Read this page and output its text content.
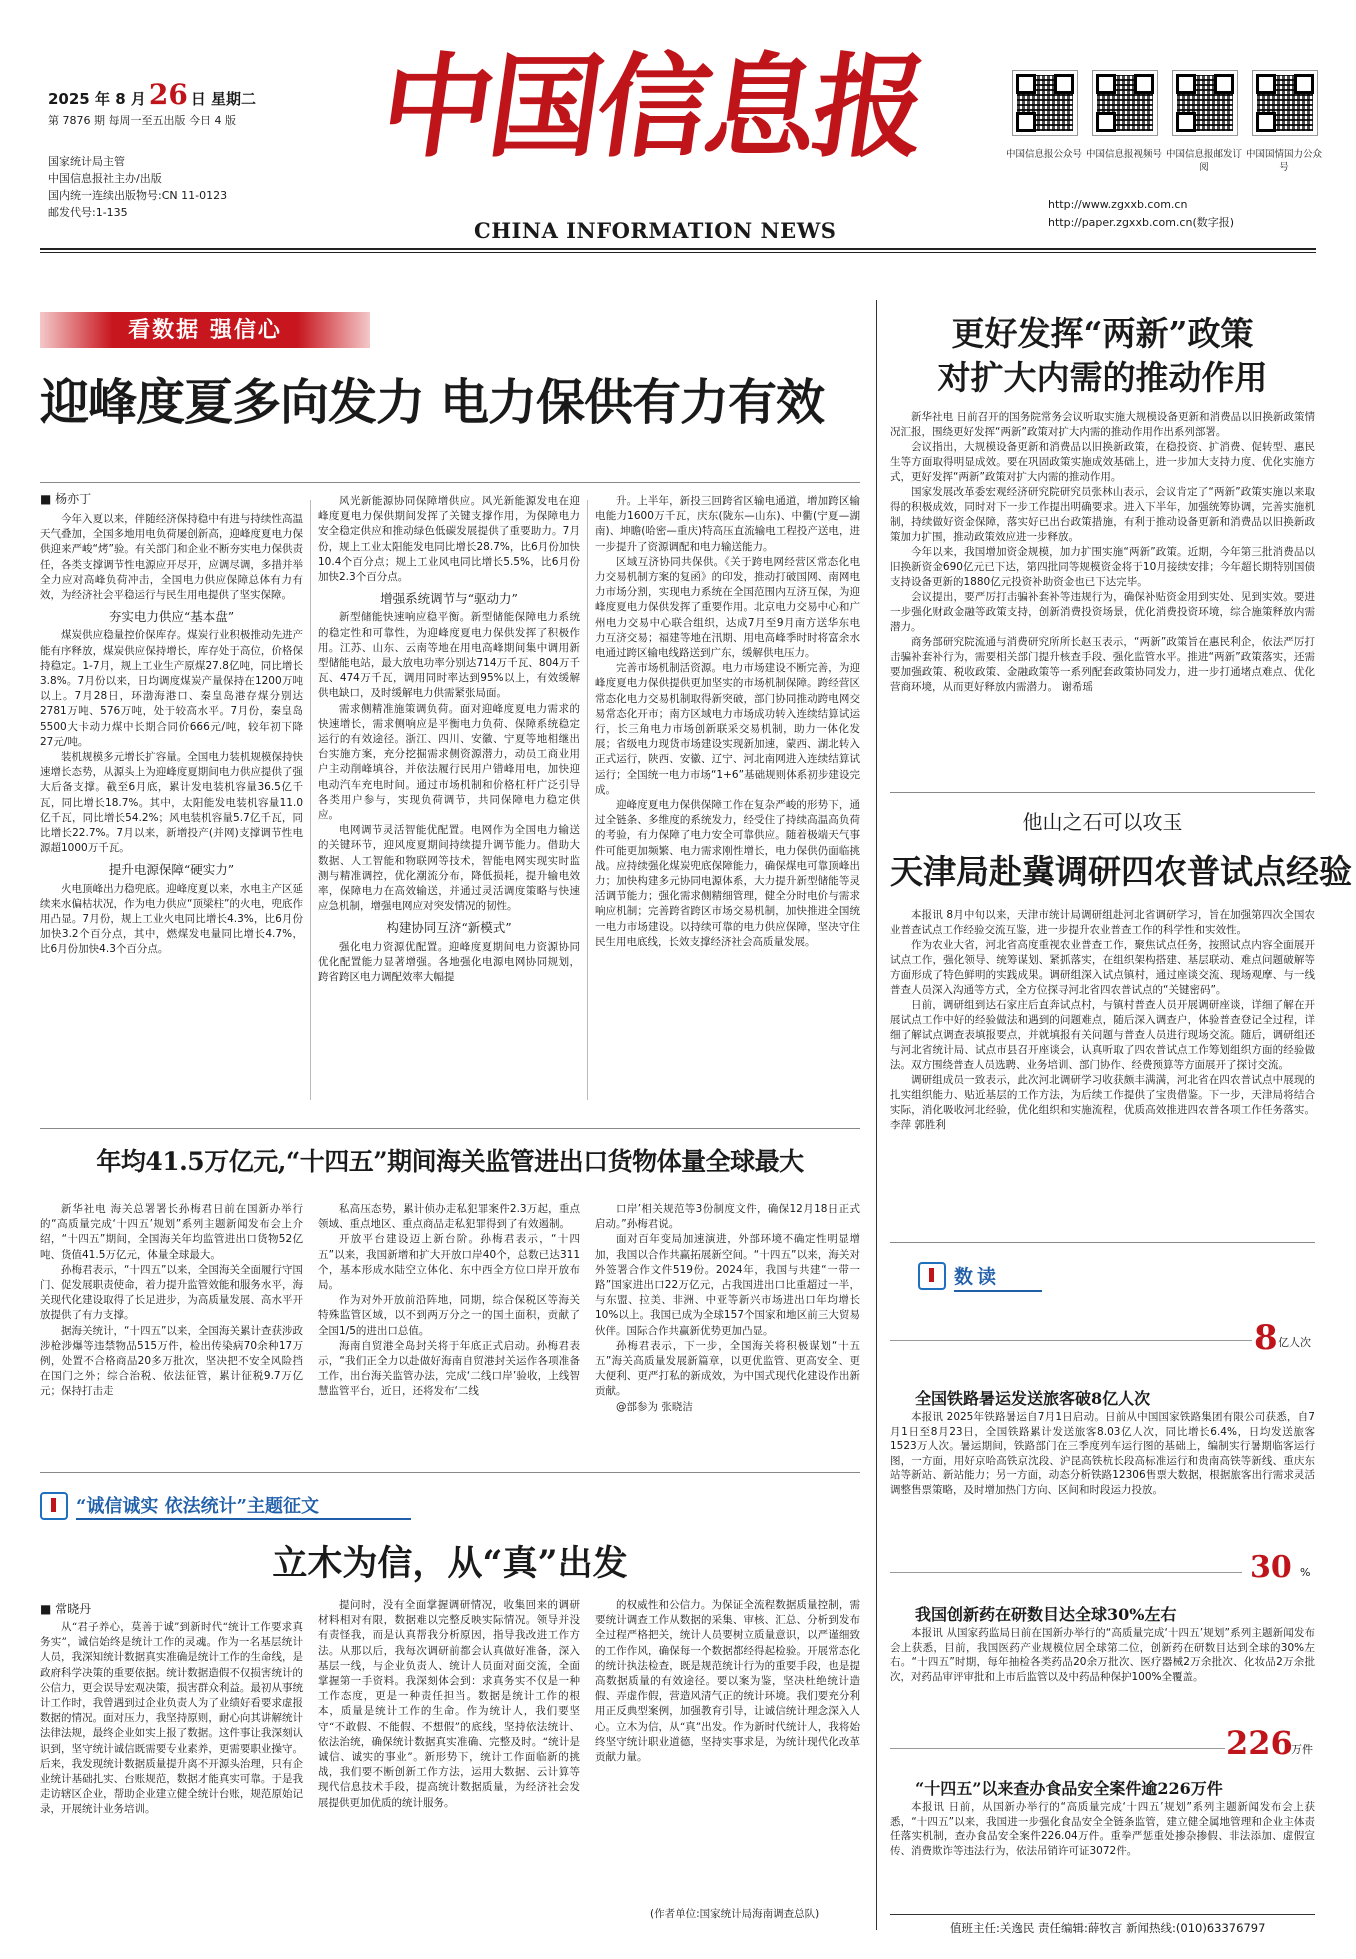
2025 年 8 月 26 日 星期二
第 7876 期 每周一至五出版 今日 4 版
国家统计局主管
中国信息报社主办/出版
国内统一连续出版物号:CN 11-0123
邮发代号:1-135
中国信息报
CHINA INFORMATION NEWS
中国信息报公众号 中国信息报视频号 中国信息报邮发订阅
中国国情国力公众号
http://www.zgxxb.com.cn
http://paper.zgxxb.com.cn(数字报)
看数据 强信心
迎峰度夏多向发力 电力保供有力有效
■ 杨亦丁

今年入夏以来，伴随经济保持稳中有进与持续性高温天气叠加，全国多地用电负荷屡创新高，迎峰度夏电力保供迎来严峻“烤”验。有关部门和企业不断夯实电力保供责任，各类支撑调节性电源应开尽开，应调尽调，多措并举全力应对高峰负荷冲击，全国电力供应保障总体有力有效，为经济社会平稳运行与民生用电提供了坚实保障。

夯实电力供应“基本盘”

煤炭供应稳量控价保库存。煤炭行业积极推动先进产能有序释放，煤炭供应保持增长，库存处于高位，价格保持稳定。1-7月，规上工业生产原煤27.8亿吨，同比增长3.8%。7月份以来，日均调度煤炭产量保持在1200万吨以上。7月28日，环渤海港口、秦皇岛港存煤分别达2781万吨、576万吨，处于较高水平。7月份，秦皇岛5500大卡动力煤中长期合同价666元/吨，较年初下降27元/吨。

装机规模多元增长扩容量。全国电力装机规模保持快速增长态势，从源头上为迎峰度夏期间电力供应提供了强大后备支撑。截至6月底，累计发电装机容量36.5亿千瓦，同比增长18.7%。其中，太阳能发电装机容量11.0亿千瓦，同比增长54.2%；风电装机容量5.7亿千瓦，同比增长22.7%。7月以来，新增投产(并网)支撑调节性电源超1000万千瓦。

提升电源保障“硬实力”

火电顶峰出力稳兜底。迎峰度夏以来，水电主产区延续来水偏枯状况，作为电力供应“顶梁柱”的火电，兜底作用凸显。7月份，规上工业火电同比增长4.3%，比6月份加快3.2个百分点，其中，燃煤发电量同比增长4.7%，比6月份加快4.3个百分点。

风光新能源协同保障增供应。风光新能源发电在迎峰度夏电力保供期间发挥了关键支撑作用，为保障电力安全稳定供应和推动绿色低碳发展提供了重要助力。7月份，规上工业太阳能发电同比增长28.7%，比6月份加快10.4个百分点；规上工业风电同比增长5.5%，比6月份加快2.3个百分点。

增强系统调节与“驱动力”

新型储能快速响应稳平衡。新型储能保障电力系统的稳定性和可靠性，为迎峰度夏电力保供发挥了积极作用。江苏、山东、云南等地在用电高峰期间集中调用新型储能电站，最大放电功率分别达714万千瓦、804万千瓦、474万千瓦，调用同时率达到95%以上，有效缓解供电缺口，及时缓解电力供需紧张局面。

需求侧精准施策调负荷。面对迎峰度夏电力需求的快速增长，需求侧响应是平衡电力负荷、保障系统稳定运行的有效途径。浙江、四川、安徽、宁夏等地相继出台实施方案，充分挖掘需求侧资源潜力，动员工商业用户主动削峰填谷，并依法履行民用户错峰用电，加快迎电动汽车充电时间。通过市场机制和价格杠杆广泛引导各类用户参与，实现负荷调节，共同保障电力稳定供应。

电网调节灵活智能优配置。电网作为全国电力输送的关键环节，迎风度夏期间持续提升调节能力。借助大数据、人工智能和物联网等技术，智能电网实现实时监测与精准调控，优化潮流分布，降低损耗，提升输电效率，保障电力在高效输送，并通过灵活调度策略与快速应急机制，增强电网应对突发情况的韧性。

构建协同互济“新模式”

强化电力资源优配置。迎峰度夏期间电力资源协同优化配置能力显著增强。各地强化电源电网协同规划，跨省跨区电力调配效率大幅提

升。上半年，新投三回跨省区输电通道，增加跨区输电能力1600万千瓦，庆东(陇东—山东)、中衢(宁夏—湖南)、坤瞻(哈密—重庆)特高压直流输电工程投产送电，进一步提升了资源调配和电力输送能力。

区域互济协同共保供。《关于跨电网经营区常态化电力交易机制方案的复函》的印发，推动打破国网、南网电力市场分割，实现电力系统在全国范围内互济互保，为迎峰度夏电力保供发挥了重要作用。北京电力交易中心和广州电力交易中心联合组织，达成7月至9月南方送华东电力互济交易；福建等地在汛期、用电高峰季时时将富余水电通过跨区输电线路送到广东，缓解供电压力。

完善市场机制活资源。电力市场建设不断完善，为迎峰度夏电力保供提供更加坚实的市场机制保障。跨经营区常态化电力交易机制取得新突破，部门协同推动跨电网交易常态化开市；南方区域电力市场成功转入连续结算试运行，长三角电力市场创新联采交易机制，助力一体化发展；省级电力现货市场建设实现新加速，蒙西、湖北转入正式运行，陕西、安徽、辽宁、河北南网进入连续结算试运行；全国统一电力市场“1+6”基础规则体系初步建设完成。

迎峰度夏电力保供保障工作在复杂严峻的形势下，通过全链条、多维度的系统发力，经受住了持续高温高负荷的考验，有力保障了电力安全可靠供应。随着极端天气事件可能更加频繁、电力需求刚性增长，电力保供仍面临挑战。应持续强化煤炭兜底保障能力，确保煤电可靠顶峰出力；加快构建多元协同电源体系，大力提升新型储能等灵活调节能力；强化需求侧精细管理，健全分时电价与需求响应机制；完善跨省跨区市场交易机制，加快推进全国统一电力市场建设。以持续可靠的电力供应保障，坚决守住民生用电底线，长效支撑经济社会高质量发展。

年均41.5万亿元,“十四五”期间海关监管进出口货物体量全球最大

新华社电 海关总署署长孙梅君日前在国新办举行的“高质量完成‘十四五’规划”系列主题新闻发布会上介绍，“十四五”期间，全国海关年均监管进出口货物52亿吨、货值41.5万亿元，体量全球最大。

孙梅君表示，“十四五”以来，全国海关全面履行守国门、促发展职责使命，着力提升监管效能和服务水平，海关现代化建设取得了长足进步，为高质量发展、高水平开放提供了有力支撑。

据海关统计，“十四五”以来，全国海关累计查获涉政涉枪涉爆等违禁物品515万件，检出传染病70余种17万例，处置不合格商品20多万批次，坚决把不安全风险挡在国门之外；综合治税、依法征管，累计征税9.7万亿元；保持打击走

私高压态势，累计侦办走私犯罪案件2.3万起，重点领域、重点地区、重点商品走私犯罪得到了有效遏制。

开放平台建设迈上新台阶。孙梅君表示，“十四五”以来，我国新增和扩大开放口岸40个，总数已达311个，基本形成水陆空立体化、东中西全方位口岸开放布局。

作为对外开放前沿阵地，同期，综合保税区等海关特殊监管区域，以不到两万分之一的国土面积，贡献了全国1/5的进出口总值。

海南自贸港全岛封关将于年底正式启动。孙梅君表示，“我们正全力以赴做好海南自贸港封关运作各项准备工作，出台海关监管办法，完成‘二线口岸’验收，上线智慧监管平台，近日，还将发布‘二线

口岸’相关规范等3份制度文件，确保12月18日正式启动。”孙梅君说。

面对百年变局加速演进，外部环境不确定性明显增加，我国以合作共赢拓展新空间。“十四五”以来，海关对外签署合作文件519份。2024年，我国与共建“一带一路”国家进出口22万亿元，占我国进出口比重超过一半，与东盟、拉美、非洲、中亚等新兴市场进出口年均增长10%以上。我国已成为全球157个国家和地区前三大贸易伙伴。国际合作共赢新优势更加凸显。

孙梅君表示，下一步，全国海关将积极谋划“十五五”海关高质量发展新篇章，以更优监管、更高安全、更大便利、更严打私的新成效，为中国式现代化建设作出新贡献。

@部参为 张晓洁

“诚信诚实 依法统计”主题征文
立木为信，从“真”出发
■ 常晓丹

从“君子养心，莫善于诚”到新时代“统计工作要求真务实”，诚信始终是统计工作的灵魂。作为一名基层统计人员，我深知统计数据真实准确是统计工作的生命线，是政府科学决策的重要依据。统计数据造假不仅损害统计的公信力，更会误导宏观决策，损害群众利益。最初从事统计工作时，我曾遇到过企业负责人为了业绩好看要求虚报数据的情况。面对压力，我坚持原则，耐心向其讲解统计法律法规，最终企业如实上报了数据。这件事让我深刻认识到，坚守统计诚信既需要专业素养，更需要职业操守。后来，我发现统计数据质量提升离不开源头治理，只有企业统计基础扎实、台账规范，数据才能真实可靠。于是我走访辖区企业，帮助企业建立健全统计台账，规范原始记录，开展统计业务培训。

提问时，没有全面掌握调研情况，收集回来的调研材料相对有限，数据难以完整反映实际情况。领导并没有责怪我，而是认真帮我分析原因，指导我改进工作方法。从那以后，我每次调研前都会认真做好准备，深入基层一线，与企业负责人、统计人员面对面交流，全面掌握第一手资料。我深刻体会到：求真务实不仅是一种工作态度，更是一种责任担当。数据是统计工作的根本，质量是统计工作的生命。作为统计人，我们要坚守“不敢假、不能假、不想假”的底线，坚持依法统计、依法治统，确保统计数据真实准确、完整及时。“统计是诚信、诚实的事业”。新形势下，统计工作面临新的挑战，我们要不断创新工作方法，运用大数据、云计算等现代信息技术手段，提高统计数据质量，为经济社会发展提供更加优质的统计服务。

的权威性和公信力。为保证全流程数据质量控制，需要统计调查工作从数据的采集、审核、汇总、分析到发布全过程严格把关，统计人员要树立质量意识，以严谨细致的工作作风，确保每一个数据都经得起检验。开展常态化的统计执法检查，既是规范统计行为的重要手段，也是提高数据质量的有效途径。要以案为鉴，坚决杜绝统计造假、弄虚作假，营造风清气正的统计环境。我们要充分利用正反典型案例，加强教育引导，让诚信统计理念深入人心。立木为信，从“真”出发。作为新时代统计人，我将始终坚守统计职业道德，坚持实事求是，为统计现代化改革贡献力量。

(作者单位:国家统计局海南调查总队)
更好发挥“两新”政策
对扩大内需的推动作用

新华社电 日前召开的国务院常务会议听取实施大规模设备更新和消费品以旧换新政策情况汇报，围绕更好发挥“两新”政策对扩大内需的推动作用作出系列部署。

会议指出，大规模设备更新和消费品以旧换新政策，在稳投资、扩消费、促转型、惠民生等方面取得明显成效。要在巩固政策实施成效基础上，进一步加大支持力度、优化实施方式，更好发挥“两新”政策对扩大内需的推动作用。

国家发展改革委宏观经济研究院研究员张林山表示，会议肯定了“两新”政策实施以来取得的积极成效，同时对下一步工作提出明确要求。进入下半年，加强统筹协调，完善实施机制，持续做好资金保障，落实好已出台政策措施，有利于推动设备更新和消费品以旧换新政策加力扩围，推动政策效应进一步释放。

今年以来，我国增加资金规模，加力扩围实施“两新”政策。近期，今年第三批消费品以旧换新资金690亿元已下达，第四批同等规模资金将于10月接续安排；今年超长期特别国债支持设备更新的1880亿元投资补助资金也已下达完毕。

会议提出，要严厉打击骗补套补等违规行为，确保补贴资金用到实处、见到实效。要进一步强化财政金融等政策支持，创新消费投资场景，优化消费投资环境，综合施策释放内需潜力。

商务部研究院流通与消费研究所所长赵玉表示，“两新”政策旨在惠民利企，依法严厉打击骗补套补行为，需要相关部门提升核查手段、强化监管水平。推进“两新”政策落实，还需要加强政策、税收政策、金融政策等一系列配套政策协同发力，进一步打通堵点难点、优化营商环境，从而更好释放内需潜力。 谢希瑶

他山之石可以攻玉
天津局赴冀调研四农普试点经验

本报讯 8月中旬以来，天津市统计局调研组赴河北省调研学习，旨在加强第四次全国农业普查试点工作经验交流互鉴，进一步提升农业普查工作的科学性和实效性。

作为农业大省，河北省高度重视农业普查工作，聚焦试点任务，按照试点内容全面展开试点工作，强化领导、统筹谋划、紧抓落实，在组织架构搭建、基层联动、难点问题破解等方面形成了特色鲜明的实践成果。调研组深入试点镇村，通过座谈交流、现场观摩、与一线普查人员深入沟通等方式，全方位探寻河北省四农普试点的“关键密码”。

日前，调研组到达石家庄后直奔试点村，与镇村普查人员开展调研座谈，详细了解在开展试点工作中好的经验做法和遇到的问题难点，随后深入调查户，体验普查登记全过程，详细了解试点调查表填报要点，并就填报有关问题与普查人员进行现场交流。随后，调研组还与河北省统计局、试点市县召开座谈会，认真听取了四农普试点工作筹划组织方面的经验做法。双方围绕普查人员选聘、业务培训、部门协作、经费预算等方面展开了探讨交流。

调研组成员一致表示，此次河北调研学习收获颇丰满满，河北省在四农普试点中展现的扎实组织能力、贴近基层的工作方法，为后续工作提供了宝贵借鉴。下一步，天津局将结合实际，消化吸收河北经验，优化组织和实施流程，优质高效推进四农普各项工作任务落实。 李萍 郭胜利

数读
8 亿人次
全国铁路暑运发送旅客破8亿人次

本报讯 2025年铁路暑运自7月1日启动。日前从中国国家铁路集团有限公司获悉，自7月1日至8月23日，全国铁路累计发送旅客8.03亿人次，同比增长6.4%，日均发送旅客1523万人次。暑运期间，铁路部门在三季度列车运行图的基础上，编制实行暑期临客运行图，一方面，用好京哈高铁京沈段、沪昆高铁杭长段高标准运行和贵南高铁等新线、重庆东站等新站、新站能力；另一方面，动态分析铁路12306售票大数据，根据旅客出行需求灵活调整售票策略，及时增加热门方向、区间和时段运力投放。

30 %
我国创新药在研数目达全球30%左右

本报讯 从国家药监局日前在国新办举行的“高质量完成‘十四五’规划”系列主题新闻发布会上获悉，目前，我国医药产业规模位居全球第二位，创新药在研数目达到全球的30%左右。“十四五”时期，每年抽检各类药品20余万批次、医疗器械2万余批次、化妆品2万余批次，对药品审评审批和上市后监管以及中药品种保护100%全覆盖。

226
万件
“十四五”以来查办食品安全案件逾226万件

本报讯 日前，从国新办举行的“高质量完成‘十四五’规划”系列主题新闻发布会上获悉，“十四五”以来，我国进一步强化食品安全全链条监管，建立健全属地管理和企业主体责任落实机制，查办食品安全案件226.04万件。重拳严惩重处掺杂掺假、非法添加、虚假宣传、消费欺诈等违法行为，依法吊销许可证3072件。

值班主任:关逸民 责任编辑:薛牧言 新闻热线:(010)63376797
